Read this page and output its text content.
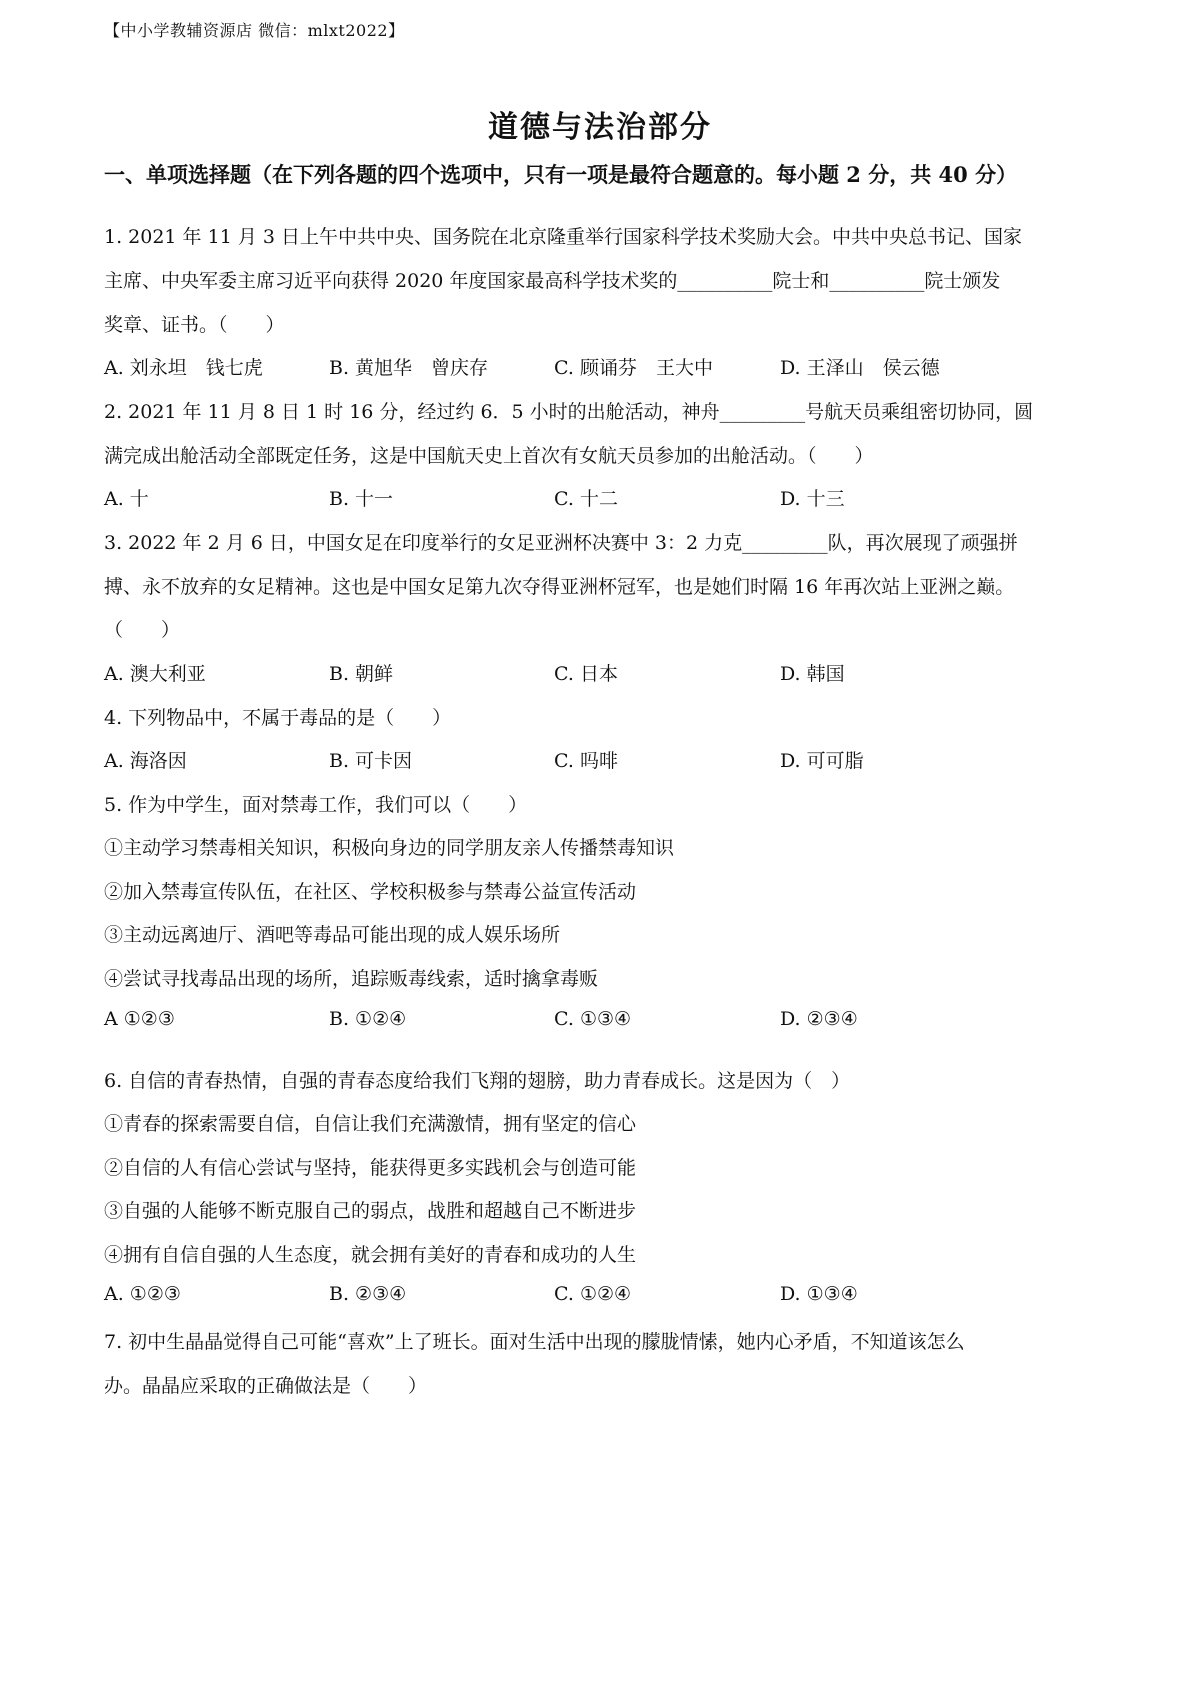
【中小学教辅资源店 微信：mlxt2022】
道德与法治部分
一、单项选择题（在下列各题的四个选项中，只有一项是最符合题意的。每小题 2 分，共 40 分）
1. 2021 年 11 月 3 日上午中共中央、国务院在北京隆重举行国家科学技术奖励大会。中共中央总书记、国家
主席、中央军委主席习近平向获得 2020 年度国家最高科学技术奖的__________院士和__________院士颁发
奖章、证书。（　　）
A. 刘永坦　钱七虎	B. 黄旭华　曾庆存	C. 顾诵芬　王大中	D. 王泽山　侯云德
2. 2021 年 11 月 8 日 1 时 16 分，经过约 6．5 小时的出舱活动，神舟_________号航天员乘组密切协同，圆
满完成出舱活动全部既定任务，这是中国航天史上首次有女航天员参加的出舱活动。（　　）
A. 十	B. 十一	C. 十二	D. 十三
3. 2022 年 2 月 6 日，中国女足在印度举行的女足亚洲杯决赛中 3：2 力克_________队，再次展现了顽强拼
搏、永不放弃的女足精神。这也是中国女足第九次夺得亚洲杯冠军，也是她们时隔 16 年再次站上亚洲之巅。
（　　）
A. 澳大利亚	B. 朝鲜	C. 日本	D. 韩国
4. 下列物品中，不属于毒品的是（　　）
A. 海洛因	B. 可卡因	C. 吗啡	D. 可可脂
5. 作为中学生，面对禁毒工作，我们可以（　　）
①主动学习禁毒相关知识，积极向身边的同学朋友亲人传播禁毒知识
②加入禁毒宣传队伍，在社区、学校积极参与禁毒公益宣传活动
③主动远离迪厅、酒吧等毒品可能出现的成人娱乐场所
④尝试寻找毒品出现的场所，追踪贩毒线索，适时擒拿毒贩
A ①②③	B. ①②④	C. ①③④	D. ②③④
6. 自信的青春热情，自强的青春态度给我们飞翔的翅膀，助力青春成长。这是因为（　）
①青春的探索需要自信，自信让我们充满激情，拥有坚定的信心
②自信的人有信心尝试与坚持，能获得更多实践机会与创造可能
③自强的人能够不断克服自己的弱点，战胜和超越自己不断进步
④拥有自信自强的人生态度，就会拥有美好的青春和成功的人生
A. ①②③	B. ②③④	C. ①②④	D. ①③④
7. 初中生晶晶觉得自己可能“喜欢”上了班长。面对生活中出现的朦胧情愫，她内心矛盾，不知道该怎么
办。晶晶应采取的正确做法是（　　）
